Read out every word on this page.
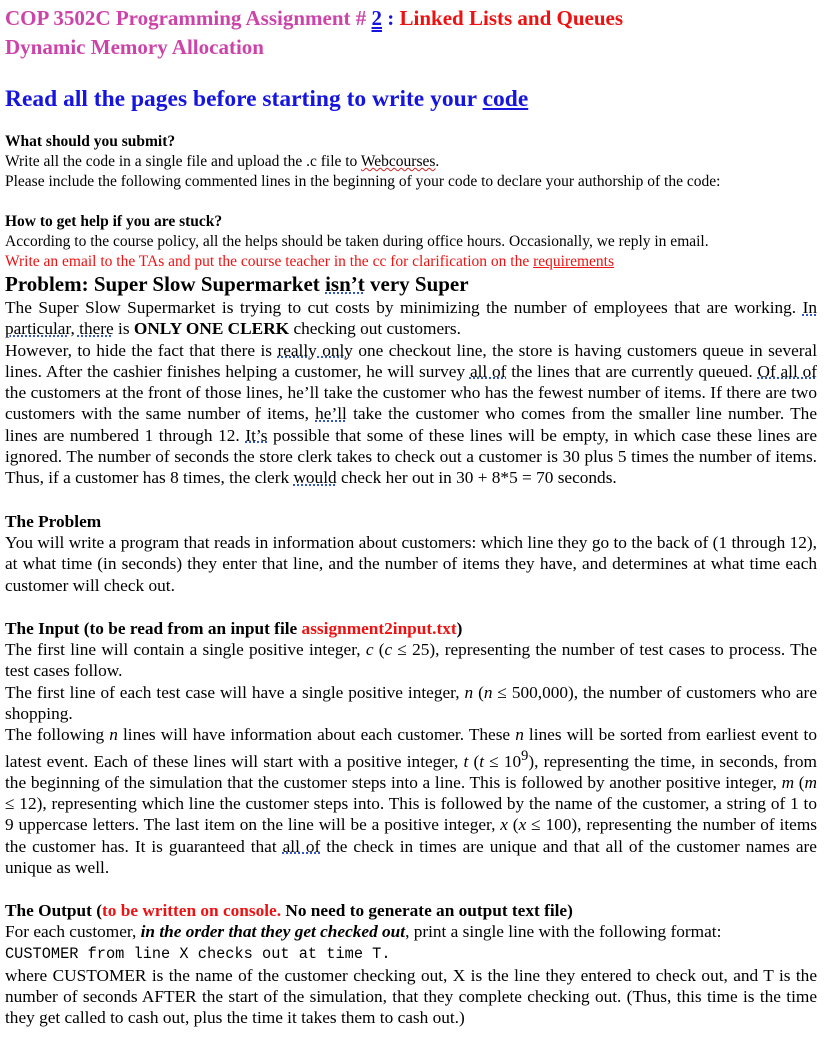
COP 3502C Programming Assignment # 2 : Linked Lists and Queues
Dynamic Memory Allocation
Read all the pages before starting to write your code
What should you submit?
Write all the code in a single file and upload the .c file to Webcourses.
Please include the following commented lines in the beginning of your code to declare your authorship of the code:
How to get help if you are stuck?
According to the course policy, all the helps should be taken during office hours. Occasionally, we reply in email.
Write an email to the TAs and put the course teacher in the cc for clarification on the requirements
Problem: Super Slow Supermarket isn’t very Super
The Super Slow Supermarket is trying to cut costs by minimizing the number of employees that are working. In particular, there is ONLY ONE CLERK checking out customers.
However, to hide the fact that there is really only one checkout line, the store is having customers queue in several lines. After the cashier finishes helping a customer, he will survey all of the lines that are currently queued. Of all of the customers at the front of those lines, he’ll take the customer who has the fewest number of items. If there are two customers with the same number of items, he’ll take the customer who comes from the smaller line number. The lines are numbered 1 through 12. It’s possible that some of these lines will be empty, in which case these lines are ignored. The number of seconds the store clerk takes to check out a customer is 30 plus 5 times the number of items. Thus, if a customer has 8 times, the clerk would check her out in 30 + 8*5 = 70 seconds.
The Problem
You will write a program that reads in information about customers: which line they go to the back of (1 through 12), at what time (in seconds) they enter that line, and the number of items they have, and determines at what time each customer will check out.
The Input (to be read from an input file assignment2input.txt)
The first line will contain a single positive integer, c (c ≤ 25), representing the number of test cases to process. The test cases follow.
The first line of each test case will have a single positive integer, n (n ≤ 500,000), the number of customers who are shopping.
The following n lines will have information about each customer. These n lines will be sorted from earliest event to latest event. Each of these lines will start with a positive integer, t $(t \le 10^9)$, representing the time, in seconds, from the beginning of the simulation that the customer steps into a line. This is followed by another positive integer, m (m ≤ 12), representing which line the customer steps into. This is followed by the name of the customer, a string of 1 to 9 uppercase letters. The last item on the line will be a positive integer, x (x ≤ 100), representing the number of items the customer has. It is guaranteed that all of the check in times are unique and that all of the customer names are unique as well.
The Output (to be written on console. No need to generate an output text file)
For each customer, in the order that they get checked out, print a single line with the following format:
CUSTOMER from line X checks out at time T.
where CUSTOMER is the name of the customer checking out, X is the line they entered to check out, and T is the number of seconds AFTER the start of the simulation, that they complete checking out. (Thus, this time is the time they get called to cash out, plus the time it takes them to cash out.)
